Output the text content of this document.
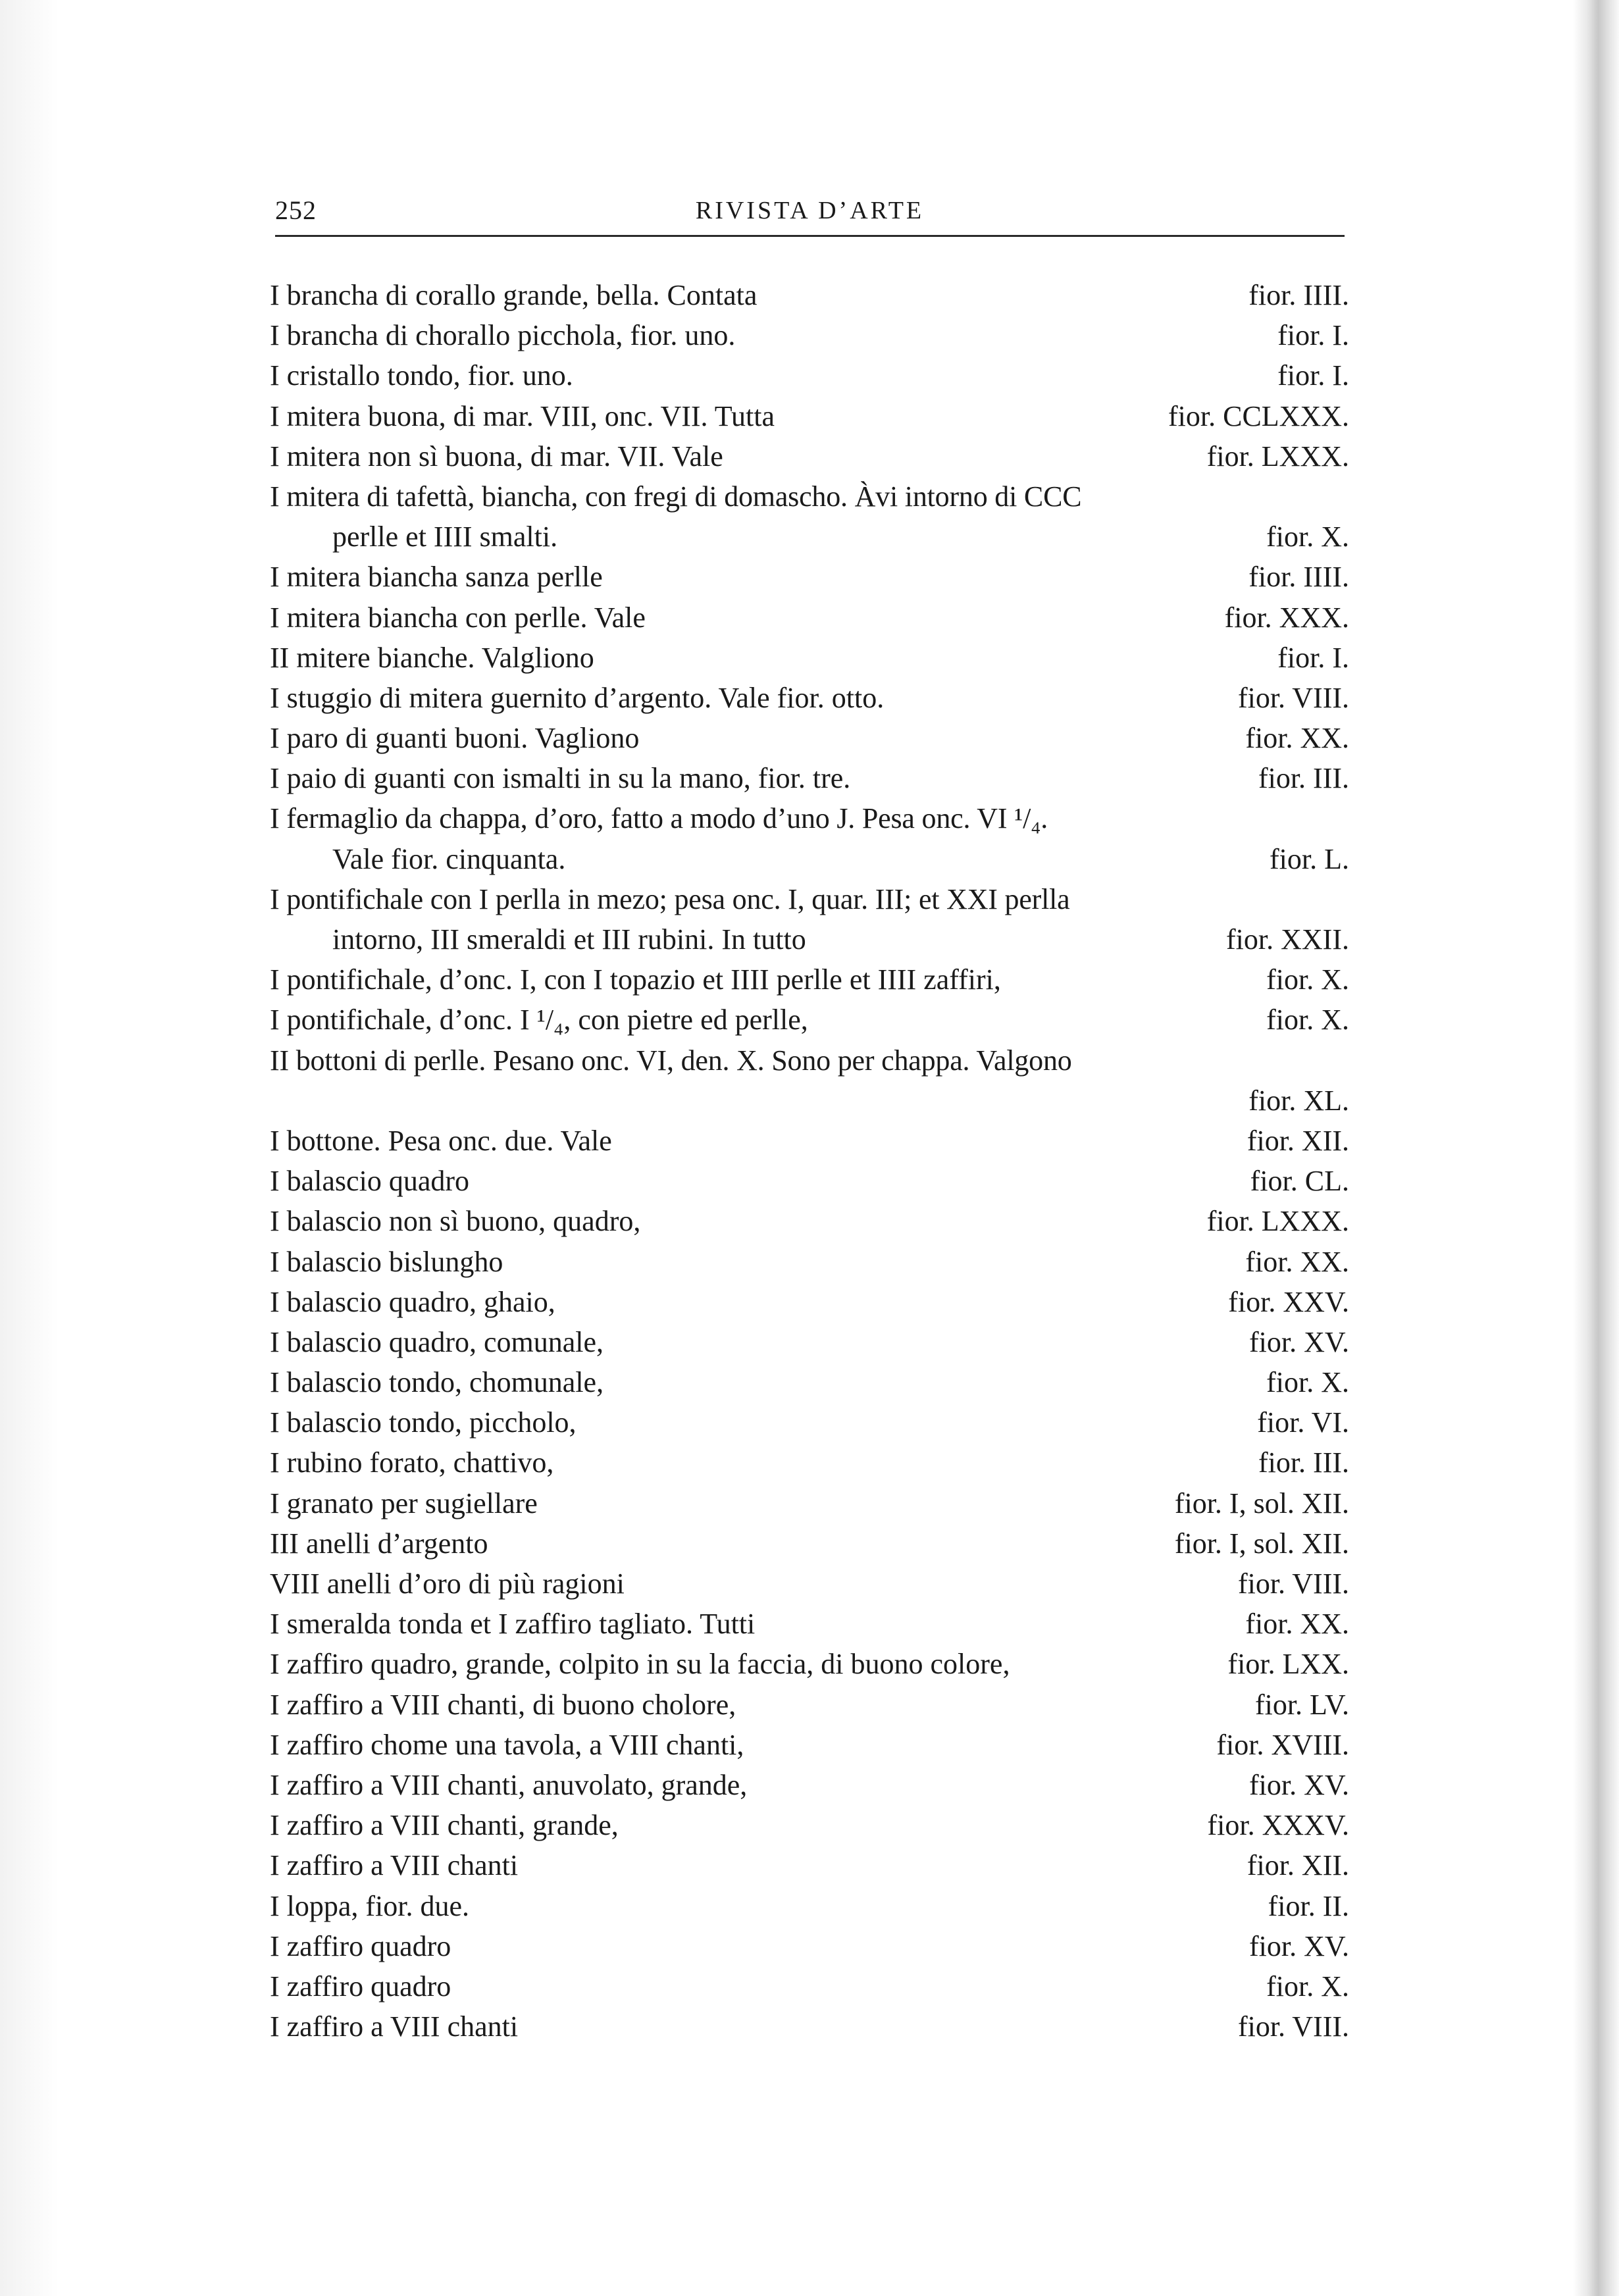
252	RIVISTA D’ARTE
I brancha di corallo grande, bella. Contata	fior. IIII.
I brancha di chorallo picchola, fior. uno.	fior. I.
I cristallo tondo, fior. uno.	fior. I.
I mitera buona, di mar. VIII, onc. VII. Tutta	fior. CCLXXX.
I mitera non sì buona, di mar. VII. Vale	fior. LXXX.
I mitera di tafettà, biancha, con fregi di domascho. Àvi intorno di CCC
perlle et IIII smalti.	fior. X.
I mitera biancha sanza perlle	fior. IIII.
I mitera biancha con perlle. Vale	fior. XXX.
II mitere bianche. Valgliono	fior. I.
I stuggio di mitera guernito d’argento. Vale fior. otto.	fior. VIII.
I paro di guanti buoni. Vagliono	fior. XX.
I paio di guanti con ismalti in su la mano, fior. tre.	fior. III.
I fermaglio da chappa, d’oro, fatto a modo d’uno J. Pesa onc. VI ¹/₄.
Vale fior. cinquanta.	fior. L.
I pontifichale con I perlla in mezo; pesa onc. I, quar. III; et XXI perlla
intorno, III smeraldi et III rubini. In tutto	fior. XXII.
I pontifichale, d’onc. I, con I topazio et IIII perlle et IIII zaffiri,	fior. X.
I pontifichale, d’onc. I ¹/₄, con pietre ed perlle,	fior. X.
II bottoni di perlle. Pesano onc. VI, den. X. Sono per chappa. Valgono
fior. XL.
I bottone. Pesa onc. due. Vale	fior. XII.
I balascio quadro	fior. CL.
I balascio non sì buono, quadro,	fior. LXXX.
I balascio bislungho	fior. XX.
I balascio quadro, ghaio,	fior. XXV.
I balascio quadro, comunale,	fior. XV.
I balascio tondo, chomunale,	fior. X.
I balascio tondo, piccholo,	fior. VI.
I rubino forato, chattivo,	fior. III.
I granato per sugiellare	fior. I, sol. XII.
III anelli d’argento	fior. I, sol. XII.
VIII anelli d’oro di più ragioni	fior. VIII.
I smeralda tonda et I zaffiro tagliato. Tutti	fior. XX.
I zaffiro quadro, grande, colpito in su la faccia, di buono colore,	fior. LXX.
I zaffiro a VIII chanti, di buono cholore,	fior. LV.
I zaffiro chome una tavola, a VIII chanti,	fior. XVIII.
I zaffiro a VIII chanti, anuvolato, grande,	fior. XV.
I zaffiro a VIII chanti, grande,	fior. XXXV.
I zaffiro a VIII chanti	fior. XII.
I loppa, fior. due.	fior. II.
I zaffiro quadro	fior. XV.
I zaffiro quadro	fior. X.
I zaffiro a VIII chanti	fior. VIII.
